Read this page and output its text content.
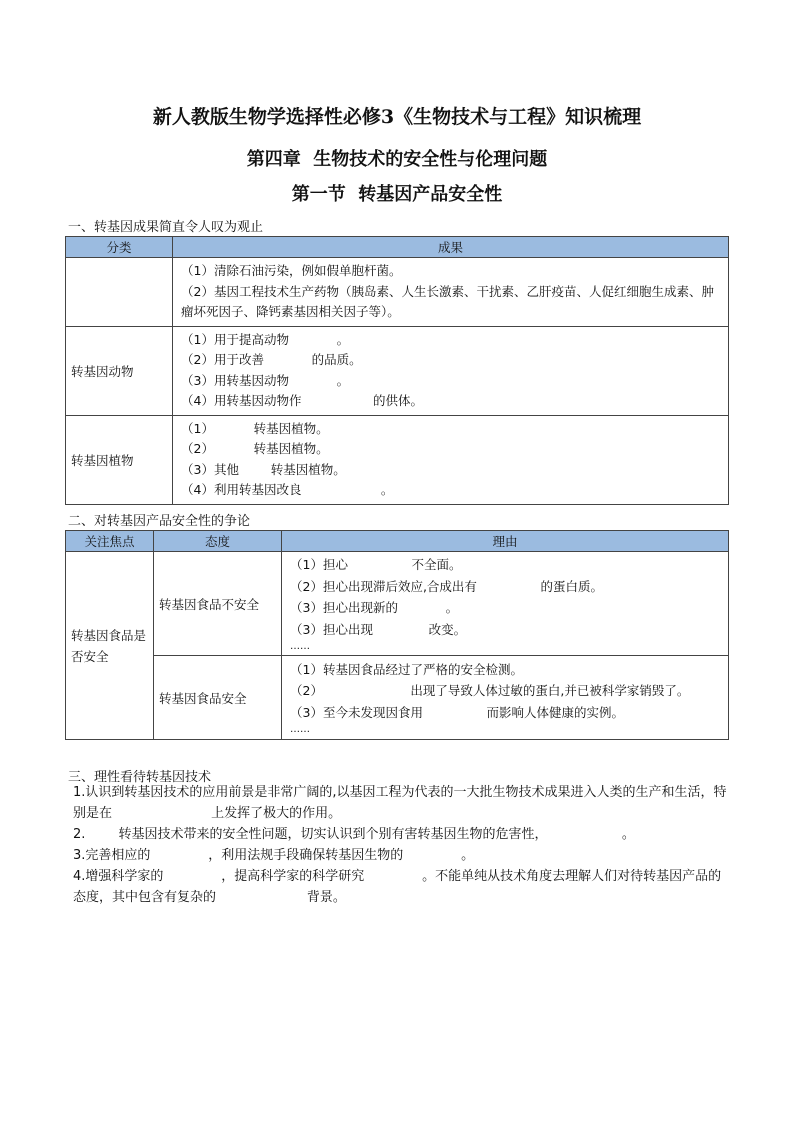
新人教版生物学选择性必修3《生物技术与工程》知识梳理
第四章  生物技术的安全性与伦理问题
第一节  转基因产品安全性
一、转基因成果简直令人叹为观止
分类	成果

	（1）清除石油污染，例如假单胞杆菌。
（2）基因工程技术生产药物（胰岛素、人生长激素、干扰素、乙肝疫苗、人促红细胞生成素、肿瘤坏死因子、降钙素基因相关因子等）。

转基因动物	（1）用于提高动物            。
（2）用于改善            的品质。
（3）用转基因动物            。
（4）用转基因动物作                  的供体。

转基因植物	（1）          转基因植物。
（2）          转基因植物。
（3）其他        转基因植物。
（4）利用转基因改良                    。
二、对转基因产品安全性的争论
关注焦点	态度	理由
转基因食品是否安全	转基因食品不安全	（1）担心                不全面。
（2）担心出现滞后效应,合成出有                的蛋白质。
（3）担心出现新的            。
（3）担心出现              改变。
……

	转基因食品安全	（1）转基因食品经过了严格的安全检测。
（2）                      出现了导致人体过敏的蛋白,并已被科学家销毁了。
（3）至今未发现因食用                而影响人体健康的实例。
……
三、理性看待转基因技术
1.认识到转基因技术的应用前景是非常广阔的,以基因工程为代表的一大批生物技术成果进入人类的生产和生活，特别是在                        上发挥了极大的作用。
2.        转基因技术带来的安全性问题，切实认识到个别有害转基因生物的危害性，                  。
3.完善相应的              ，利用法规手段确保转基因生物的              。
4.增强科学家的              ，提高科学家的科学研究              。不能单纯从技术角度去理解人们对待转基因产品的态度，其中包含有复杂的                      背景。
